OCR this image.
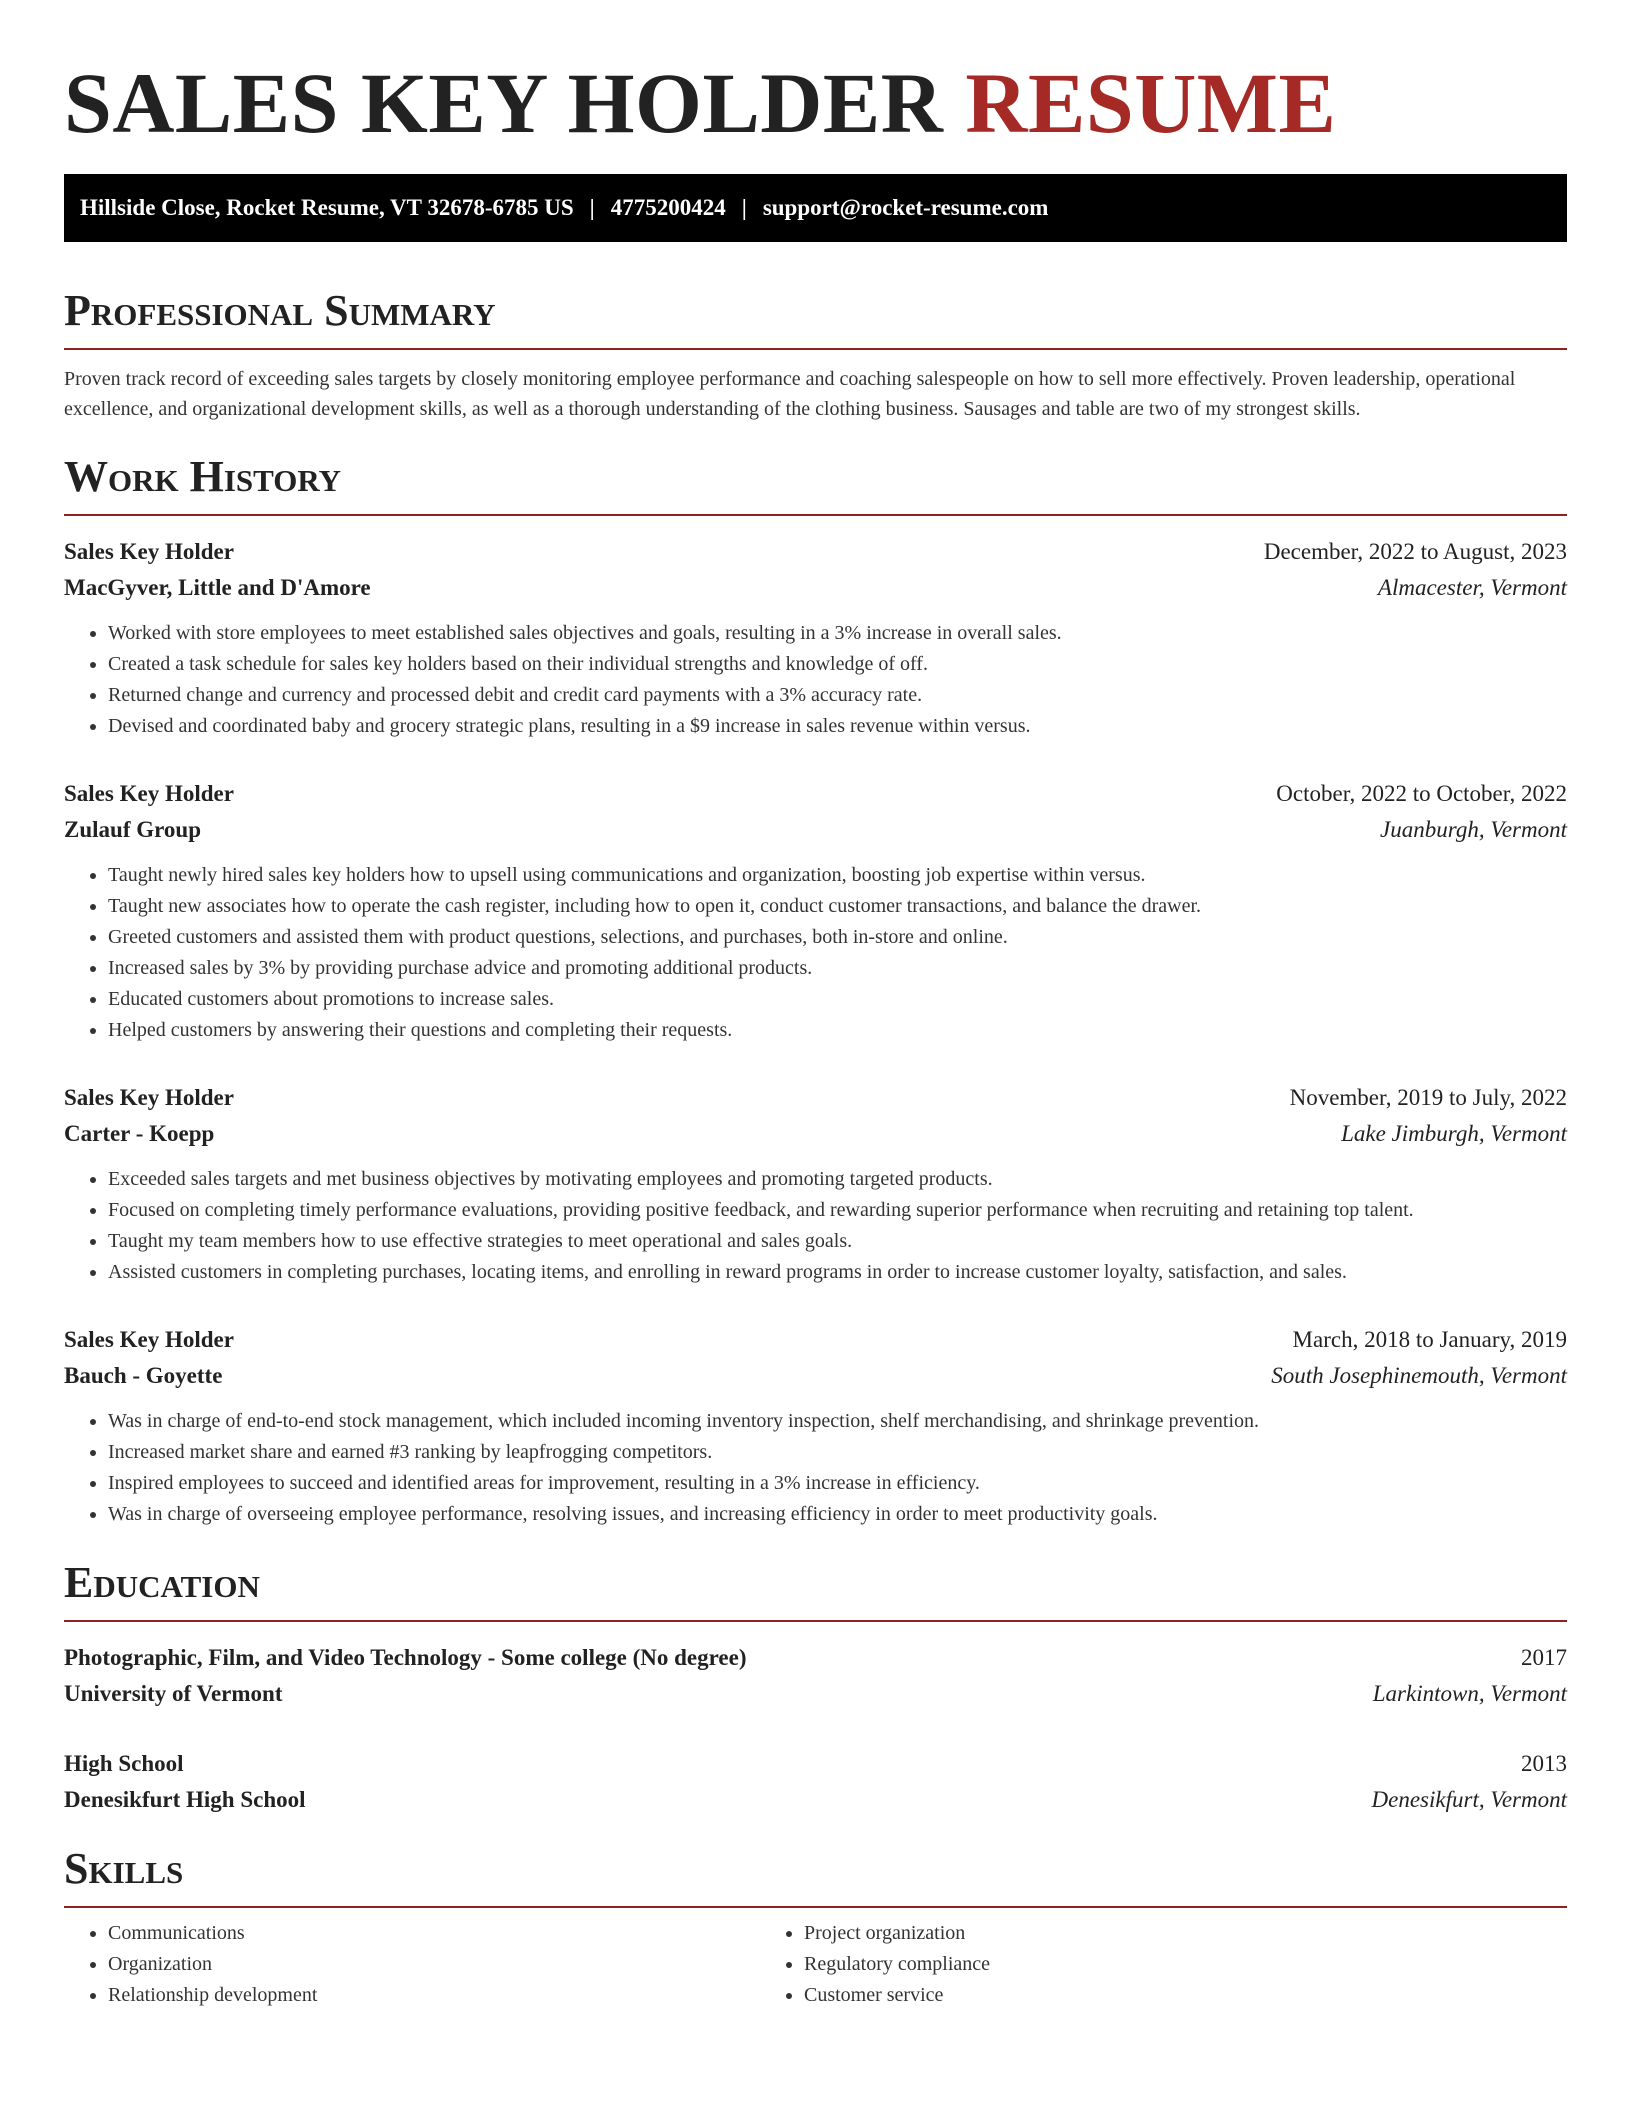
SALES KEY HOLDER RESUME
Hillside Close, Rocket Resume, VT 32678-6785 US | 4775200424 | support@rocket-resume.com
Professional Summary

Proven track record of exceeding sales targets by closely monitoring employee performance and coaching salespeople on how to sell more effectively. Proven leadership, operational excellence, and organizational development skills, as well as a thorough understanding of the clothing business. Sausages and table are two of my strongest skills.

Work History
Sales Key Holder	December, 2022 to August, 2023
MacGyver, Little and D'Amore	Almacester, Vermont
• Worked with store employees to meet established sales objectives and goals, resulting in a 3% increase in overall sales.
• Created a task schedule for sales key holders based on their individual strengths and knowledge of off.
• Returned change and currency and processed debit and credit card payments with a 3% accuracy rate.
• Devised and coordinated baby and grocery strategic plans, resulting in a $9 increase in sales revenue within versus.
Sales Key Holder	October, 2022 to October, 2022
Zulauf Group	Juanburgh, Vermont
• Taught newly hired sales key holders how to upsell using communications and organization, boosting job expertise within versus.
• Taught new associates how to operate the cash register, including how to open it, conduct customer transactions, and balance the drawer.
• Greeted customers and assisted them with product questions, selections, and purchases, both in-store and online.
• Increased sales by 3% by providing purchase advice and promoting additional products.
• Educated customers about promotions to increase sales.
• Helped customers by answering their questions and completing their requests.
Sales Key Holder	November, 2019 to July, 2022
Carter - Koepp	Lake Jimburgh, Vermont
• Exceeded sales targets and met business objectives by motivating employees and promoting targeted products.
• Focused on completing timely performance evaluations, providing positive feedback, and rewarding superior performance when recruiting and retaining top talent.
• Taught my team members how to use effective strategies to meet operational and sales goals.
• Assisted customers in completing purchases, locating items, and enrolling in reward programs in order to increase customer loyalty, satisfaction, and sales.
Sales Key Holder	March, 2018 to January, 2019
Bauch - Goyette	South Josephinemouth, Vermont
• Was in charge of end-to-end stock management, which included incoming inventory inspection, shelf merchandising, and shrinkage prevention.
• Increased market share and earned #3 ranking by leapfrogging competitors.
• Inspired employees to succeed and identified areas for improvement, resulting in a 3% increase in efficiency.
• Was in charge of overseeing employee performance, resolving issues, and increasing efficiency in order to meet productivity goals.
Education
Photographic, Film, and Video Technology - Some college (No degree)	2017
University of Vermont	Larkintown, Vermont
High School	2013
Denesikfurt High School	Denesikfurt, Vermont
Skills
• Communications
• Organization
• Relationship development
• Project organization
• Regulatory compliance
• Customer service
